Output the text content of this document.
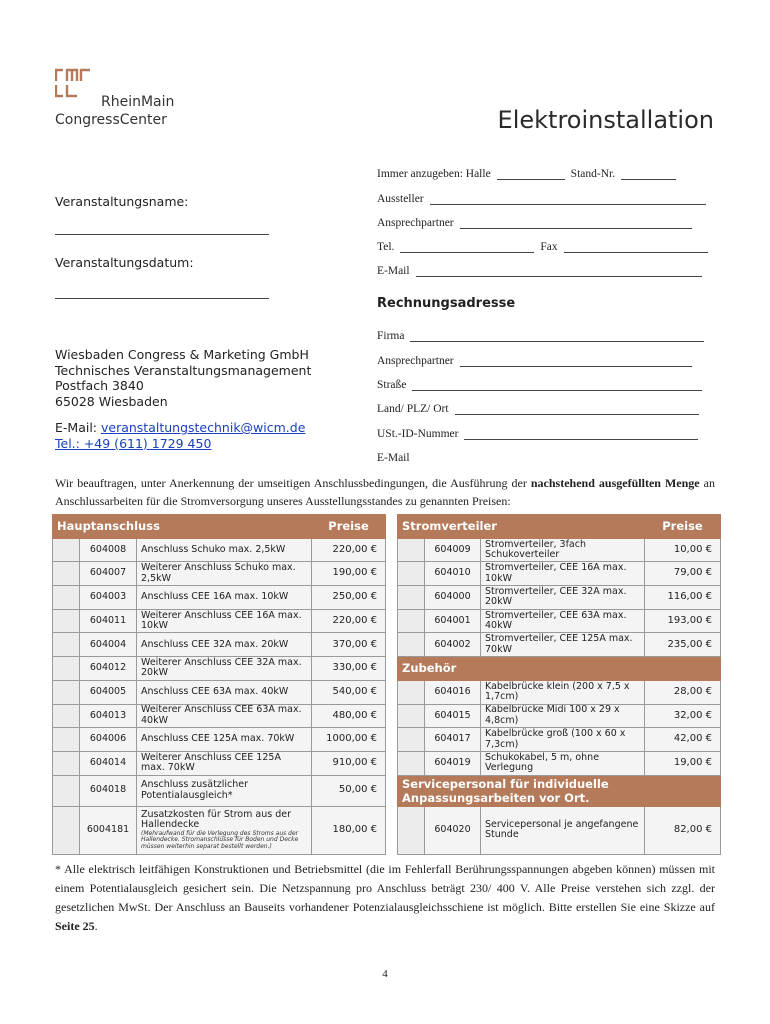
RheinMain
CongressCenter	Elektroinstallation
Immer anzugeben: Halle	Stand-Nr.
Aussteller
Ansprechpartner
Tel.	Fax
E-Mail
Rechnungsadresse
Firma
Ansprechpartner
Straße
Land/ PLZ/ Ort
USt.-ID-Nummer
E-Mail
Veranstaltungsname:
Veranstaltungsdatum:
Wiesbaden Congress & Marketing GmbH
Technisches Veranstaltungsmanagement
Postfach 3840
65028 Wiesbaden
E-Mail: veranstaltungstechnik@wicm.de
Tel.: +49 (611) 1729 450
Wir beauftragen, unter Anerkennung der umseitigen Anschlussbedingungen, die Ausführung der nachstehend ausgefüllten Menge an Anschlussarbeiten für die Stromversorgung unseres Ausstellungsstandes zu genannten Preisen:
Hauptanschluss			Preise
	604008	Anschluss Schuko max. 2,5kW	220,00 €
	604007	Weiterer Anschluss Schuko max. 2,5kW	190,00 €
	604003	Anschluss CEE 16A max. 10kW	250,00 €
	604011	Weiterer Anschluss CEE 16A max. 10kW	220,00 €
	604004	Anschluss CEE 32A max. 20kW	370,00 €
	604012	Weiterer Anschluss CEE 32A max. 20kW	330,00 €
	604005	Anschluss CEE 63A max. 40kW	540,00 €
	604013	Weiterer Anschluss CEE 63A max. 40kW	480,00 €
	604006	Anschluss CEE 125A max. 70kW	1000,00 €
	604014	Weiterer Anschluss CEE 125A max. 70kW	910,00 €
	604018	Anschluss zusätzlicher Potentialausgleich*	50,00 €
	6004181	Zusatzkosten für Strom aus der Hallendecke
(Mehraufwand für die Verlegung des Stroms aus der Hallendecke. Stromanschlüsse für Boden und Decke müssen weiterhin separat bestellt werden.)	180,00 €
Stromverteiler			Preise
	604009	Stromverteiler, 3fach Schukoverteiler	10,00 €
	604010	Stromverteiler, CEE 16A max. 10kW	79,00 €
	604000	Stromverteiler, CEE 32A max. 20kW	116,00 €
	604001	Stromverteiler, CEE 63A max. 40kW	193,00 €
	604002	Stromverteiler, CEE 125A max. 70kW	235,00 €
Zubehör			
	604016	Kabelbrücke klein (200 x 7,5 x 1,7cm)	28,00 €
	604015	Kabelbrücke Midi 100 x 29 x 4,8cm)	32,00 €
	604017	Kabelbrücke groß (100 x 60 x 7,3cm)	42,00 €
	604019	Schukokabel, 5 m, ohne Verlegung	19,00 €
Servicepersonal für individuelle Anpassungsarbeiten vor Ort.			
	604020	Servicepersonal je angefangene Stunde	82,00 €
* Alle elektrisch leitfähigen Konstruktionen und Betriebsmittel (die im Fehlerfall Berührungsspannungen abgeben können) müssen mit einem Potentialausgleich gesichert sein. Die Netzspannung pro Anschluss beträgt 230/ 400 V. Alle Preise verstehen sich zzgl. der gesetzlichen MwSt. Der Anschluss an Bauseits vorhandener Potenzialausgleichsschiene ist möglich. Bitte erstellen Sie eine Skizze auf Seite 25.
4
